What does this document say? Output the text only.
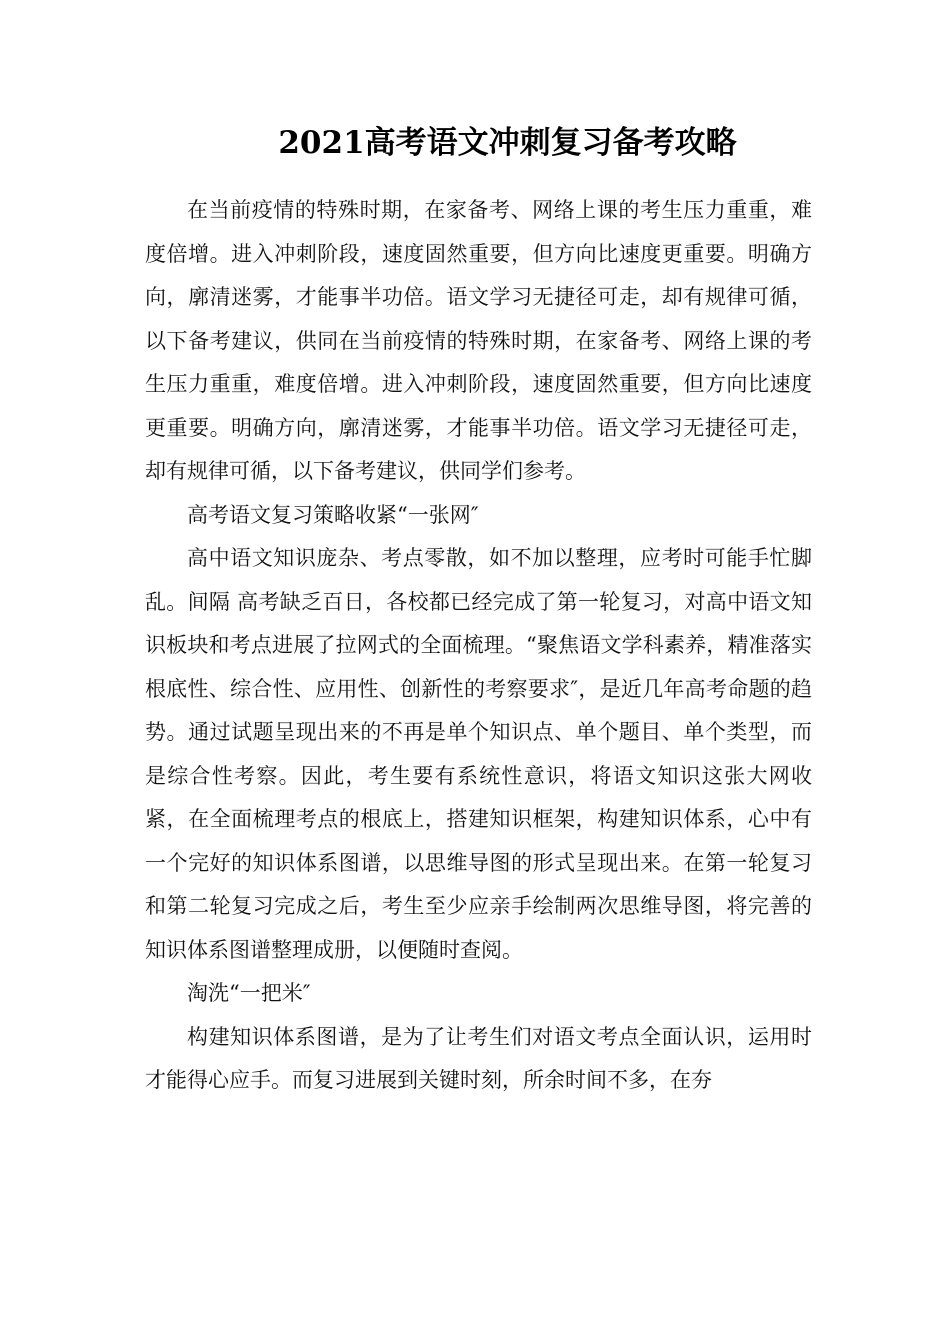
2021高考语文冲刺复习备考攻略

在当前疫情的特殊时期，在家备考、网络上课的考生压力重重，难度倍增。进入冲刺阶段，速度固然重要，但方向比速度更重要。明确方向，廓清迷雾，才能事半功倍。语文学习无捷径可走，却有规律可循，以下备考建议，供同在当前疫情的特殊时期，在家备考、网络上课的考生压力重重，难度倍增。进入冲刺阶段，速度固然重要，但方向比速度更重要。明确方向，廓清迷雾，才能事半功倍。语文学习无捷径可走，却有规律可循，以下备考建议，供同学们参考。

高考语文复习策略收紧“一张网″

高中语文知识庞杂、考点零散，如不加以整理，应考时可能手忙脚乱。间隔 高考缺乏百日，各校都已经完成了第一轮复习，对高中语文知识板块和考点进展了拉网式的全面梳理。“聚焦语文学科素养，精准落实根底性、综合性、应用性、创新性的考察要求″，是近几年高考命题的趋势。通过试题呈现出来的不再是单个知识点、单个题目、单个类型，而是综合性考察。因此，考生要有系统性意识，将语文知识这张大网收紧，在全面梳理考点的根底上，搭建知识框架，构建知识体系，心中有一个完好的知识体系图谱，以思维导图的形式呈现出来。在第一轮复习和第二轮复习完成之后，考生至少应亲手绘制两次思维导图，将完善的知识体系图谱整理成册，以便随时查阅。

淘洗“一把米″

构建知识体系图谱，是为了让考生们对语文考点全面认识，运用时才能得心应手。而复习进展到关键时刻，所余时间不多，在夯
